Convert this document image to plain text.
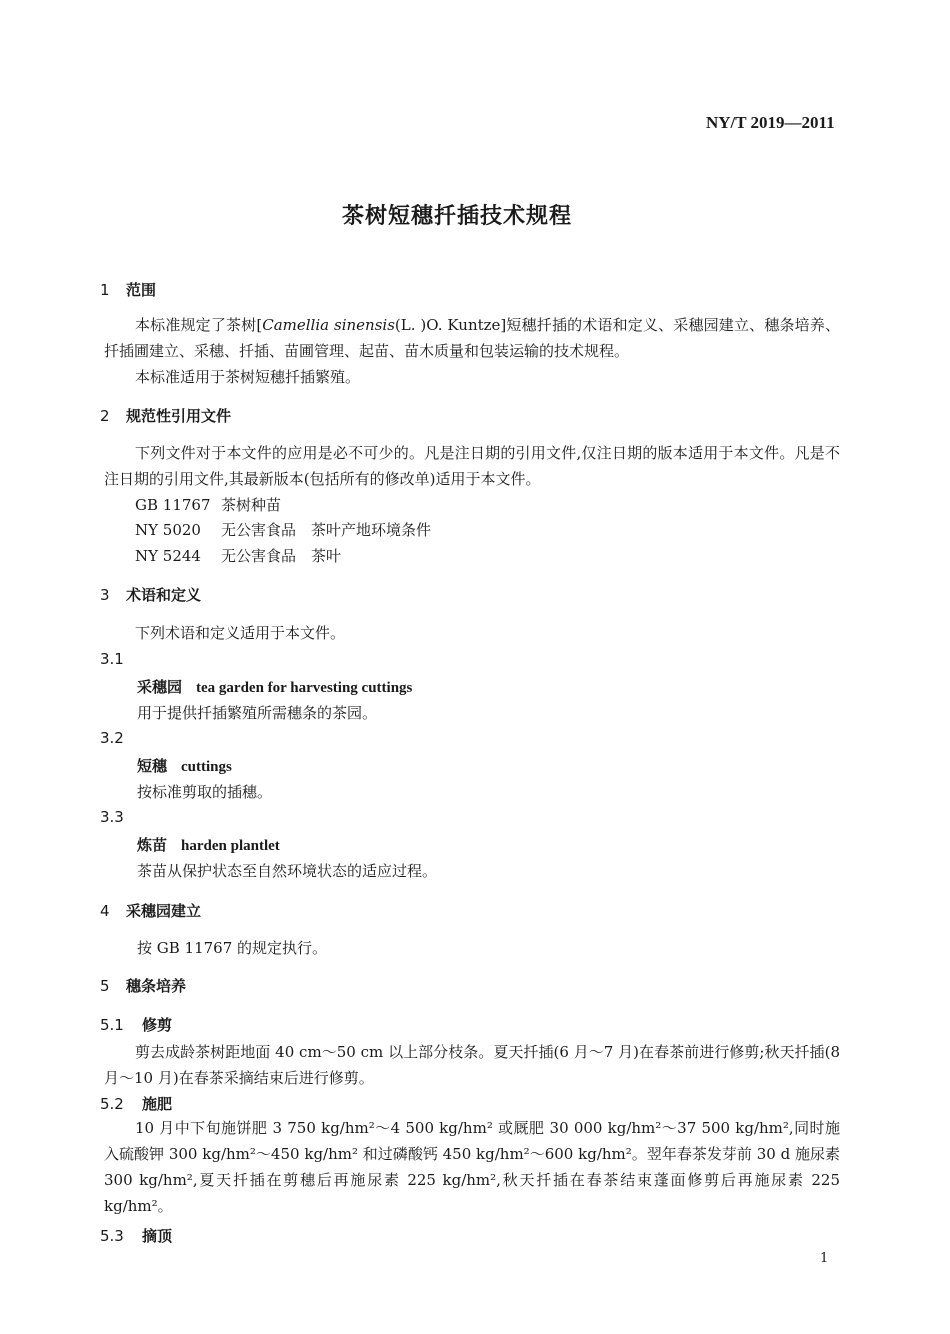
NY/T 2019—2011
茶树短穗扦插技术规程
1 范围
本标准规定了茶树[Camellia sinensis(L. )O. Kuntze]短穗扦插的术语和定义、采穗园建立、穗条培养、扦插圃建立、采穗、扦插、苗圃管理、起苗、苗木质量和包装运输的技术规程。
本标准适用于茶树短穗扦插繁殖。
2 规范性引用文件
下列文件对于本文件的应用是必不可少的。凡是注日期的引用文件,仅注日期的版本适用于本文件。凡是不注日期的引用文件,其最新版本(包括所有的修改单)适用于本文件。
GB 11767 茶树种苗
NY 5020 无公害食品　茶叶产地环境条件
NY 5244 无公害食品　茶叶
3 术语和定义
下列术语和定义适用于本文件。
3.1
采穗园 tea garden for harvesting cuttings
用于提供扦插繁殖所需穗条的茶园。
3.2
短穗 cuttings
按标准剪取的插穗。
3.3
炼苗 harden plantlet
茶苗从保护状态至自然环境状态的适应过程。
4 采穗园建立
按 GB 11767 的规定执行。
5 穗条培养
5.1 修剪
剪去成龄茶树距地面 40 cm～50 cm 以上部分枝条。夏天扦插(6 月～7 月)在春茶前进行修剪;秋天扦插(8 月～10 月)在春茶采摘结束后进行修剪。
5.2 施肥
10 月中下旬施饼肥 3 750 kg/hm²～4 500 kg/hm² 或厩肥 30 000 kg/hm²～37 500 kg/hm²,同时施入硫酸钾 300 kg/hm²～450 kg/hm² 和过磷酸钙 450 kg/hm²～600 kg/hm²。翌年春茶发芽前 30 d 施尿素 300 kg/hm²,夏天扦插在剪穗后再施尿素 225 kg/hm²,秋天扦插在春茶结束蓬面修剪后再施尿素 225 kg/hm²。
5.3 摘顶
1
